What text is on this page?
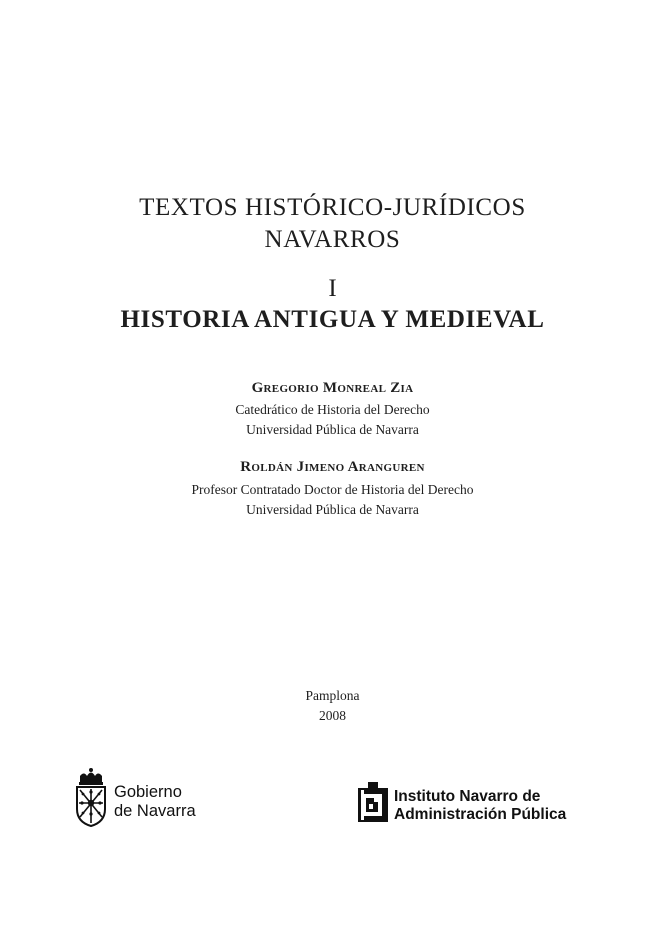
TEXTOS HISTÓRICO-JURÍDICOS
NAVARROS
I
HISTORIA ANTIGUA Y MEDIEVAL
Gregorio Monreal Zia
Catedrático de Historia del Derecho
Universidad Pública de Navarra
Roldán Jimeno Aranguren
Profesor Contratado Doctor de Historia del Derecho
Universidad Pública de Navarra
Pamplona
2008
Gobierno
de Navarra
Instituto Navarro de
Administración Pública
